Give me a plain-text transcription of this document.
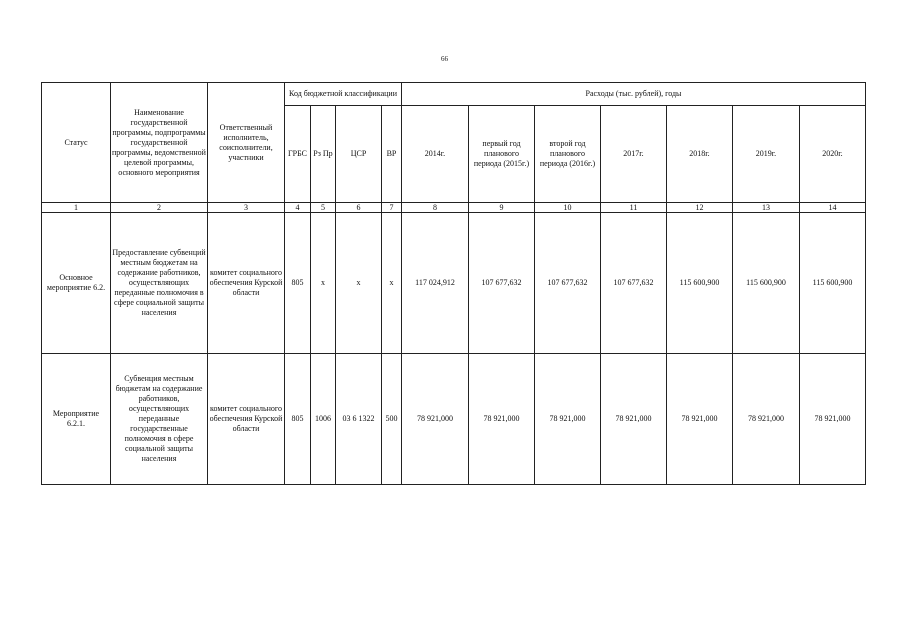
66
Статус	Наименование государственной программы, подпрограммы государственной программы, ведомственной целевой программы, основного мероприятия	Ответственный исполнитель, соисполнители, участники	Код бюджетной классификации				Расходы (тыс. рублей), годы						
			ГРБС	Рз Пр	ЦСР	ВР	2014г.	первый год планового периода (2015г.)	второй год планового периода (2016г.)	2017г.	2018г.	2019г.	2020г.
1	2	3	4	5	6	7	8	9	10	11	12	13	14
Основное мероприятие 6.2.	Предоставление субвенций местным бюджетам на содержание работников, осуществляющих переданные полномочия в сфере социальной защиты населения	комитет социального обеспечения Курской области	805	х	х	х	117 024,912	107 677,632	107 677,632	107 677,632	115 600,900	115 600,900	115 600,900
Мероприятие 6.2.1.	Субвенция местным бюджетам на содержание работников, осуществляющих переданные государственные полномочия в сфере социальной защиты населения	комитет социального обеспечения Курской области	805	1006	03 6 1322	500	78 921,000	78 921,000	78 921,000	78 921,000	78 921,000	78 921,000	78 921,000
